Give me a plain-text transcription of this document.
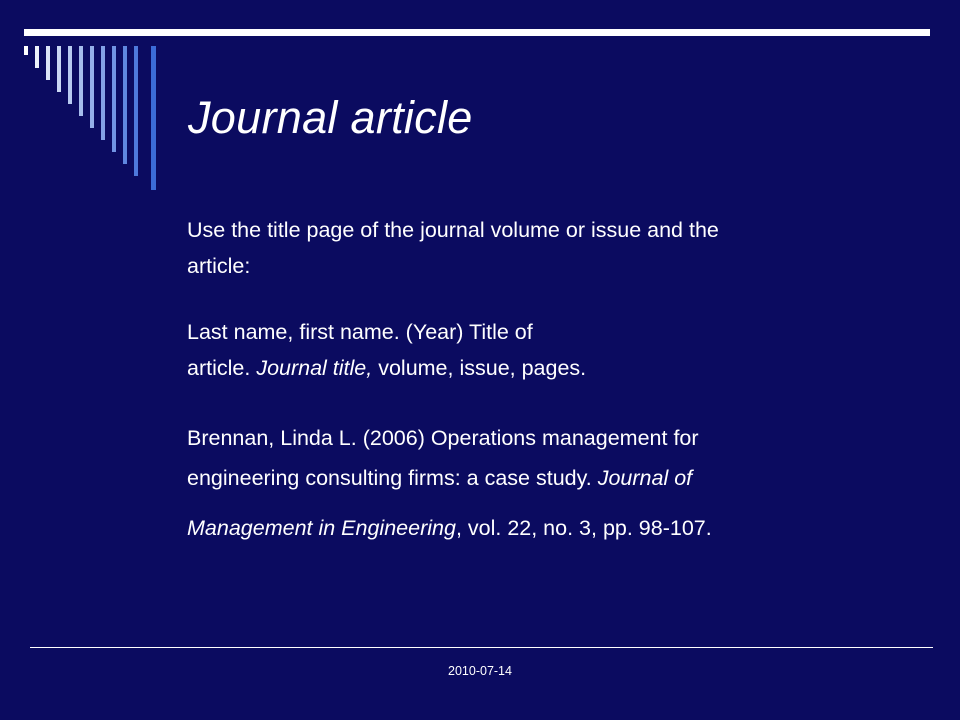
Journal article

Use the title page of the journal volume or issue and the
article:

Last name, first name. (Year) Title of
article. Journal title, volume, issue, pages.

Brennan, Linda L. (2006) Operations management for
engineering consulting firms: a case study. Journal of
Management in Engineering, vol. 22, no. 3, pp. 98-107.

2010-07-14
